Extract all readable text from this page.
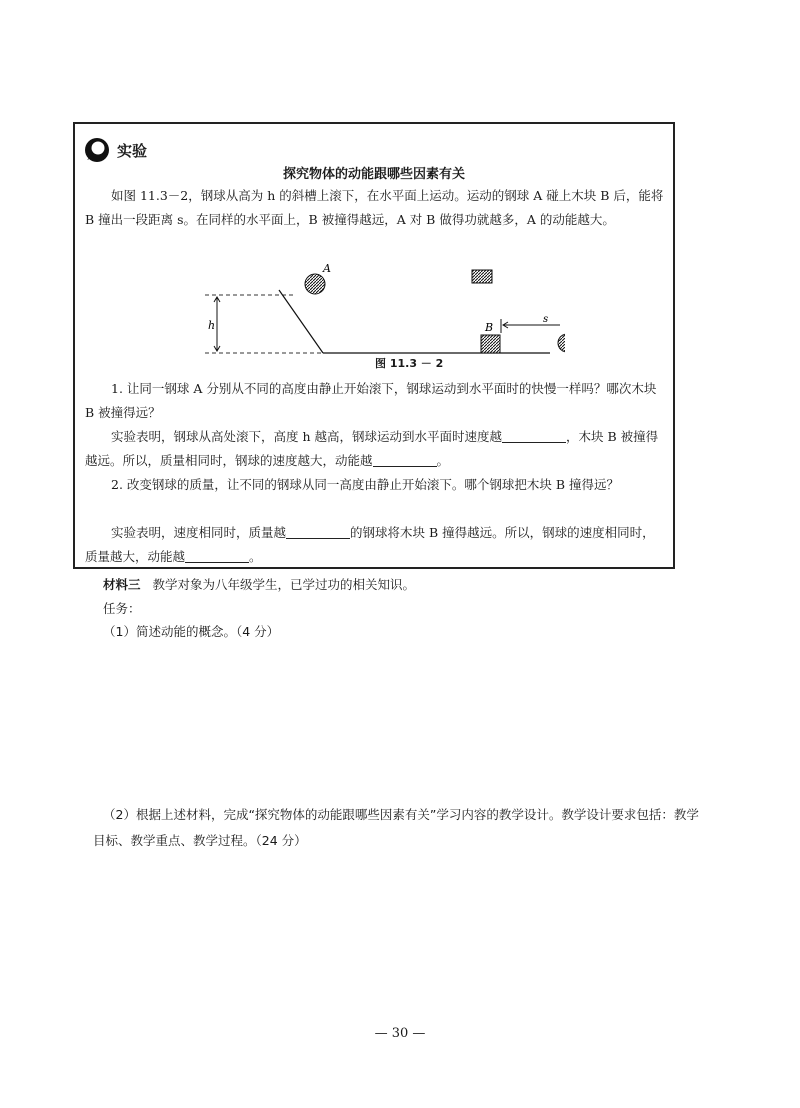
实验
探究物体的动能跟哪些因素有关

如图 11.3－2，钢球从高为 h 的斜槽上滚下，在水平面上运动。运动的钢球 A 碰上木块 B 后，能将 B 撞出一段距离 s。在同样的水平面上，B 被撞得越远，A 对 B 做得功就越多，A 的动能越大。

h
A
B
s
图 11.3 － 2

1. 让同一钢球 A 分别从不同的高度由静止开始滚下，钢球运动到水平面时的快慢一样吗？哪次木块 B 被撞得远？

实验表明，钢球从高处滚下，高度 h 越高，钢球运动到水平面时速度越	，木块 B 被撞得越远。所以，质量相同时，钢球的速度越大，动能越	。

2. 改变钢球的质量，让不同的钢球从同一高度由静止开始滚下。哪个钢球把木块 B 撞得远？

实验表明，速度相同时，质量越	的钢球将木块 B 撞得越远。所以，钢球的速度相同时，质量越大，动能越	。

材料三 教学对象为八年级学生，已学过功的相关知识。

任务：

（1）简述动能的概念。（4 分）

（2）根据上述材料，完成“探究物体的动能跟哪些因素有关”学习内容的教学设计。教学设计要求包括：教学目标、教学重点、教学过程。（24 分）

— 30 —
